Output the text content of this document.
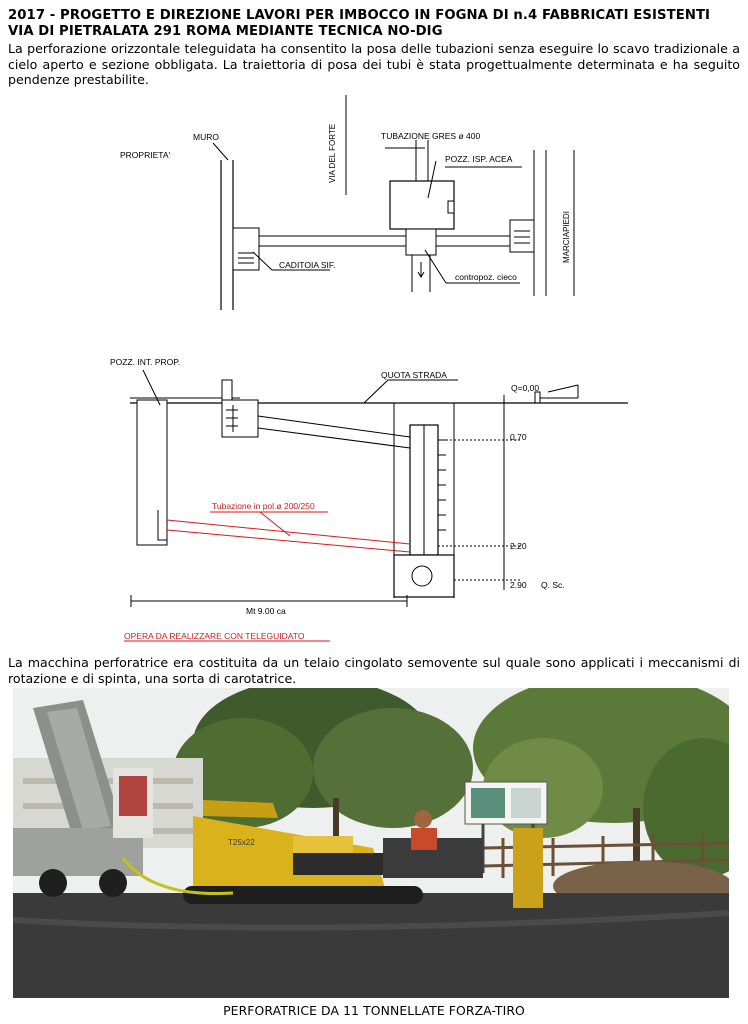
2017 - PROGETTO E DIREZIONE LAVORI PER IMBOCCO IN FOGNA DI n.4 FABBRICATI ESISTENTI
VIA DI PIETRALATA 291 ROMA MEDIANTE TECNICA NO-DIG
La perforazione orizzontale teleguidata ha consentito la posa delle tubazioni senza eseguire lo scavo tradizionale a cielo aperto e sezione obbligata. La traiettoria di posa dei tubi è stata progettualmente determinata e ha seguito pendenze prestabilite.
PROPRIETA'
MURO	VIA DEL FORTE	TUBAZIONE GRES ø 400
POZZ. ISP. ACEA
MARCIAPIEDI
CADITOIA SIF.
contropoz. cieco
POZZ. INT. PROP.
QUOTA STRADA
Q=0,00
0,70
2.20
2.90 Q. Sc.
Tubazione in pol.ø 200/250
Mt 9.00 ca
OPERA DA REALIZZARE CON TELEGUIDATO
La macchina perforatrice era costituita da un telaio cingolato semovente sul quale sono applicati i meccanismi di rotazione e di spinta, una sorta di carotatrice.
T25x22
PERFORATRICE DA 11 TONNELLATE FORZA-TIRO
